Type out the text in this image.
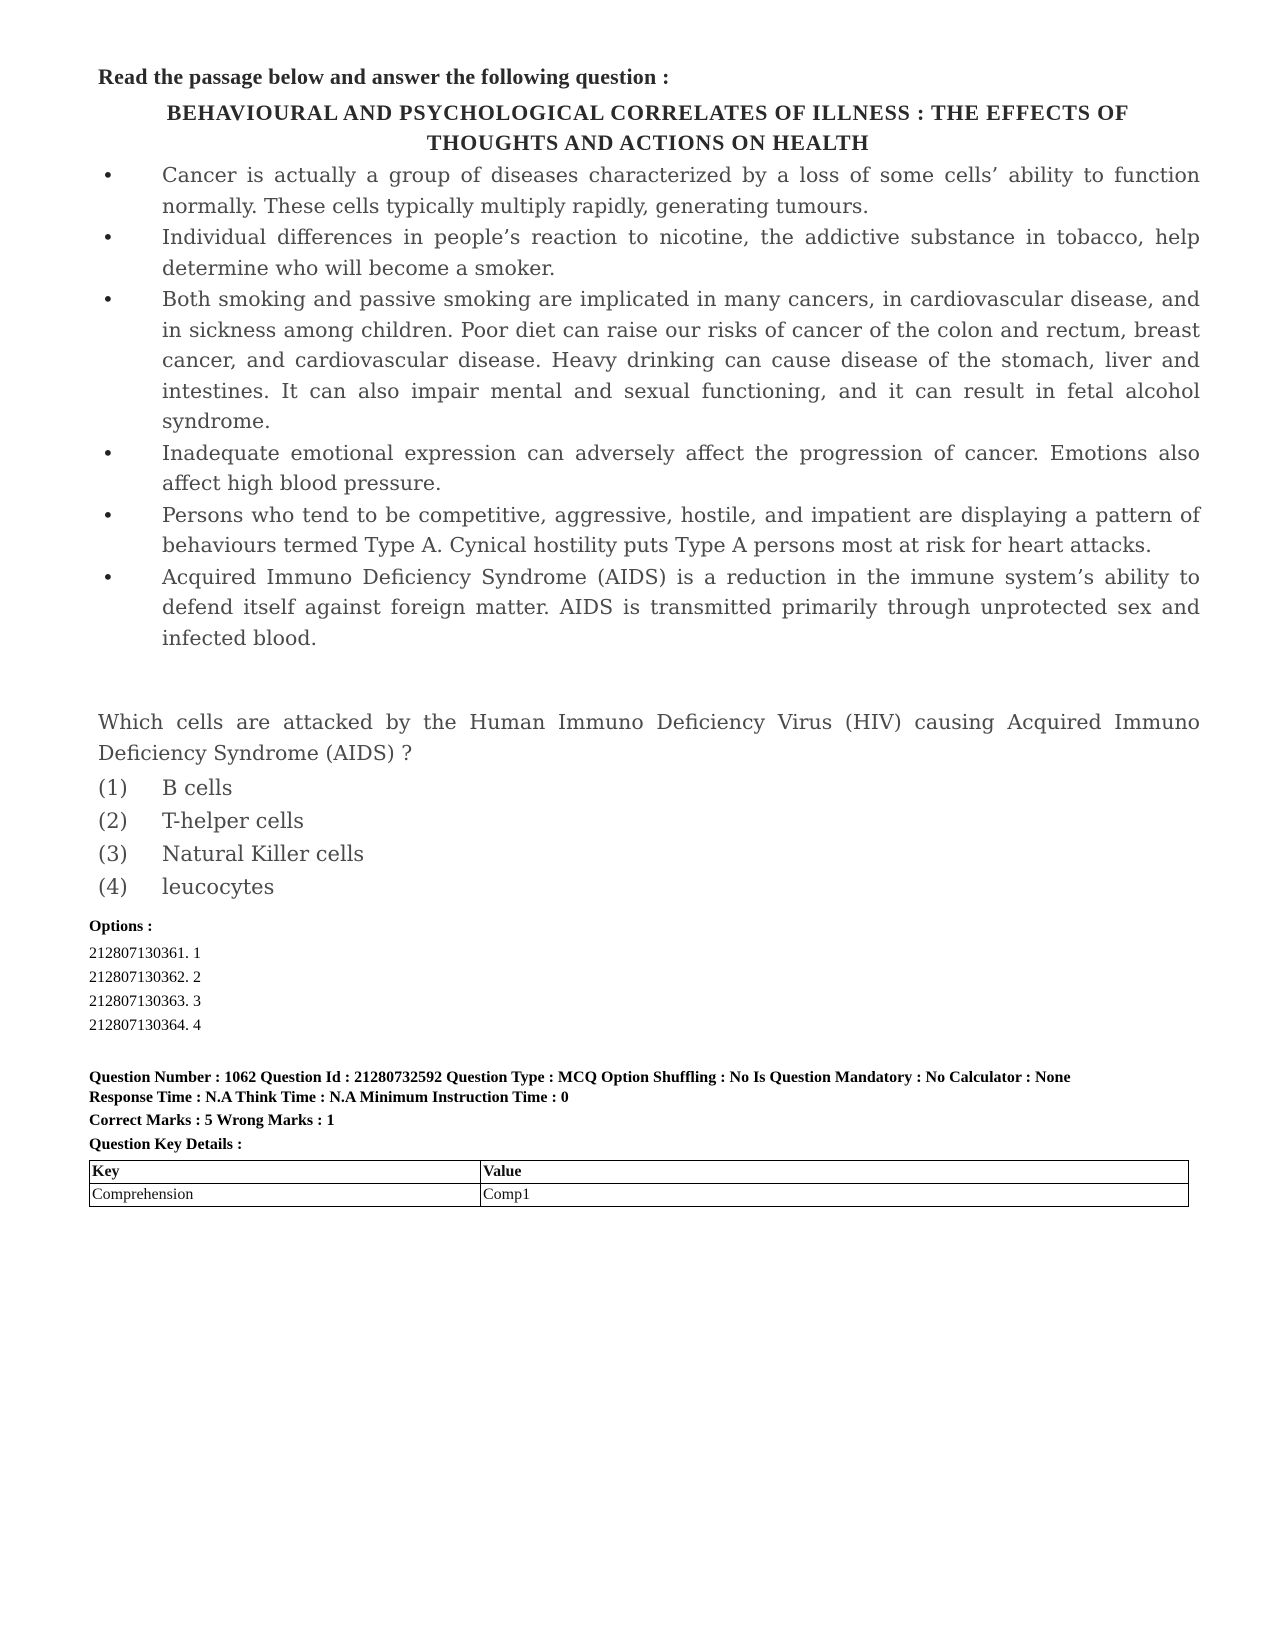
Read the passage below and answer the following question :
BEHAVIOURAL AND PSYCHOLOGICAL CORRELATES OF ILLNESS : THE EFFECTS OF
THOUGHTS AND ACTIONS ON HEALTH
• Cancer is actually a group of diseases characterized by a loss of some cells’ ability to function normally. These cells typically multiply rapidly, generating tumours.
• Individual differences in people’s reaction to nicotine, the addictive substance in tobacco, help determine who will become a smoker.
• Both smoking and passive smoking are implicated in many cancers, in cardiovascular disease, and in sickness among children. Poor diet can raise our risks of cancer of the colon and rectum, breast cancer, and cardiovascular disease. Heavy drinking can cause disease of the stomach, liver and intestines. It can also impair mental and sexual functioning, and it can result in fetal alcohol syndrome.
• Inadequate emotional expression can adversely affect the progression of cancer. Emotions also affect high blood pressure.
• Persons who tend to be competitive, aggressive, hostile, and impatient are displaying a pattern of behaviours termed Type A. Cynical hostility puts Type A persons most at risk for heart attacks.
• Acquired Immuno Deficiency Syndrome (AIDS) is a reduction in the immune system’s ability to defend itself against foreign matter. AIDS is transmitted primarily through unprotected sex and infected blood.
Which cells are attacked by the Human Immuno Deficiency Virus (HIV) causing Acquired Immuno Deficiency Syndrome (AIDS) ?
(1) B cells
(2) T-helper cells
(3) Natural Killer cells
(4) leucocytes
Options :
212807130361. 1
212807130362. 2
212807130363. 3
212807130364. 4
Question Number : 1062 Question Id : 21280732592 Question Type : MCQ Option Shuffling : No Is Question Mandatory : No Calculator : None
Response Time : N.A Think Time : N.A Minimum Instruction Time : 0
Correct Marks : 5 Wrong Marks : 1
Question Key Details :
Key	Value
Comprehension	Comp1
